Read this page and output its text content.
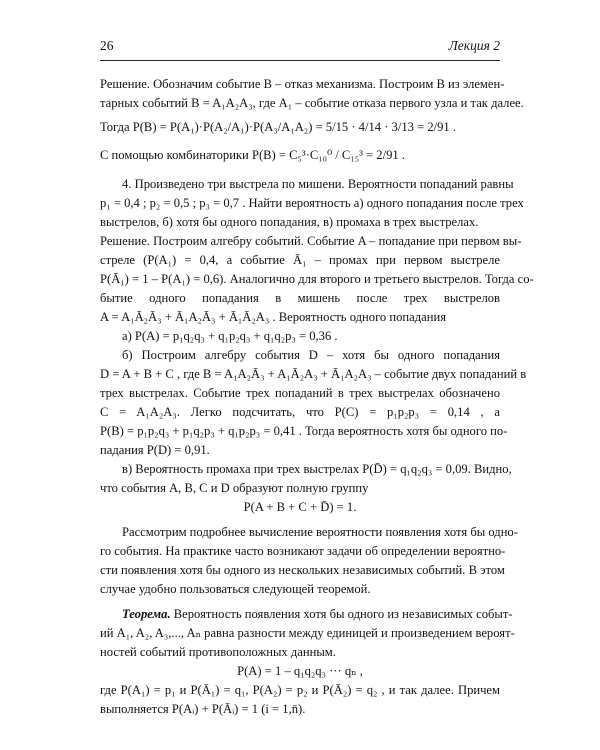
26	Лекция 2
Решение. Обозначим событие B – отказ механизма. Построим B из элемен-
тарных событий B = A₁A₂A₃, где A₁ – событие отказа первого узла и так далее.
Тогда P(B) = P(A₁)·P(A₂/A₁)·P(A₃/A₁A₂) = 5/15 · 4/14 · 3/13 = 2/91 .
С помощью комбинаторики P(B) = C₅³·C₁₀⁰ / C₁₅³ = 2/91 .
4. Произведено три выстрела по мишени. Вероятности попаданий равны
p₁ = 0,4 ; p₂ = 0,5 ; p₃ = 0,7 . Найти вероятность а) одного попадания после трех
выстрелов, б) хотя бы одного попадания, в) промаха в трех выстрелах.
Решение. Построим алгебру событий. Событие A – попадание при первом вы-
стреле (P(A₁) = 0,4, а событие Ā₁ – промах при первом выстреле
P(Ā₁) = 1 – P(A₁) = 0,6). Аналогично для второго и третьего выстрелов. Тогда со-
бытие одного попадания в мишень после трех выстрелов
A = A₁Ā₂Ā₃ + Ā₁A₂Ā₃ + Ā₁Ā₂A₃ . Вероятность одного попадания
а) P(A) = p₁q₂q₃ + q₁p₂q₃ + q₁q₂p₃ = 0,36 .
б) Построим алгебру события D – хотя бы одного попадания
D = A + B + C , где B = A₁A₂Ā₃ + A₁Ā₂A₃ + Ā₁A₂A₃ – событие двух попаданий в
трех выстрелах. Событие трех попаданий в трех выстрелах обозначено
C = A₁A₂A₃. Легко подсчитать, что P(C) = p₁p₂p₃ = 0,14 , а
P(B) = p₁p₂q₃ + p₁q₂p₃ + q₁p₂p₃ = 0,41 . Тогда вероятность хотя бы одного по-
падания P(D) = 0,91.
в) Вероятность промаха при трех выстрелах P(D̄) = q₁q₂q₃ = 0,09. Видно,
что события A, B, C и D образуют полную группу
P(A + B + C + D̄) = 1.
Рассмотрим подробнее вычисление вероятности появления хотя бы одно-
го события. На практике часто возникают задачи об определении вероятно-
сти появления хотя бы одного из нескольких независимых событий. В этом
случае удобно пользоваться следующей теоремой.
Теорема. Вероятность появления хотя бы одного из независимых событ-
ий A₁, A₂, A₃,..., Aₙ равна разности между единицей и произведением вероят-
ностей событий противоположных данным.
P(A) = 1 – q₁q₂q₃ ··· qₙ ,
где P(A₁) = p₁ и P(Ā₁) = q₁, P(A₂) = p₂ и P(Ā₂) = q₂ , и так далее. Причем
выполняется P(Aᵢ) + P(Āᵢ) = 1 (i = 1,n̄).
